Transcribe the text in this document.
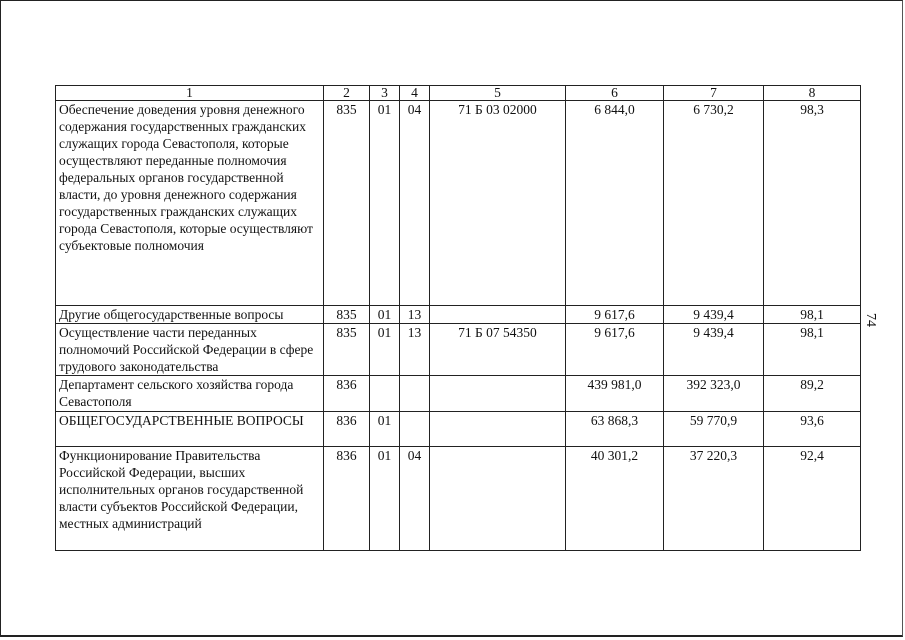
1	2	3	4	5	6	7	8
Обеспечение доведения уровня денежного содержания государственных гражданских служащих города Севастополя, которые осуществляют переданные полномочия федеральных органов государственной власти, до уровня денежного содержания государственных гражданских служащих города Севастополя, которые осуществляют субъектовые полномочия	835	01	04	71 Б 03 02000	6 844,0	6 730,2	98,3
Другие общегосударственные вопросы	835	01	13		9 617,6	9 439,4	98,1
Осуществление части переданных полномочий Российской Федерации в сфере трудового законодательства	835	01	13	71 Б 07 54350	9 617,6	9 439,4	98,1
Департамент сельского хозяйства города Севастополя	836				439 981,0	392 323,0	89,2
ОБЩЕГОСУДАРСТВЕННЫЕ ВОПРОСЫ	836	01			63 868,3	59 770,9	93,6
Функционирование Правительства Российской Федерации, высших исполнительных органов государственной власти субъектов Российской Федерации, местных администраций	836	01	04		40 301,2	37 220,3	92,4
74
